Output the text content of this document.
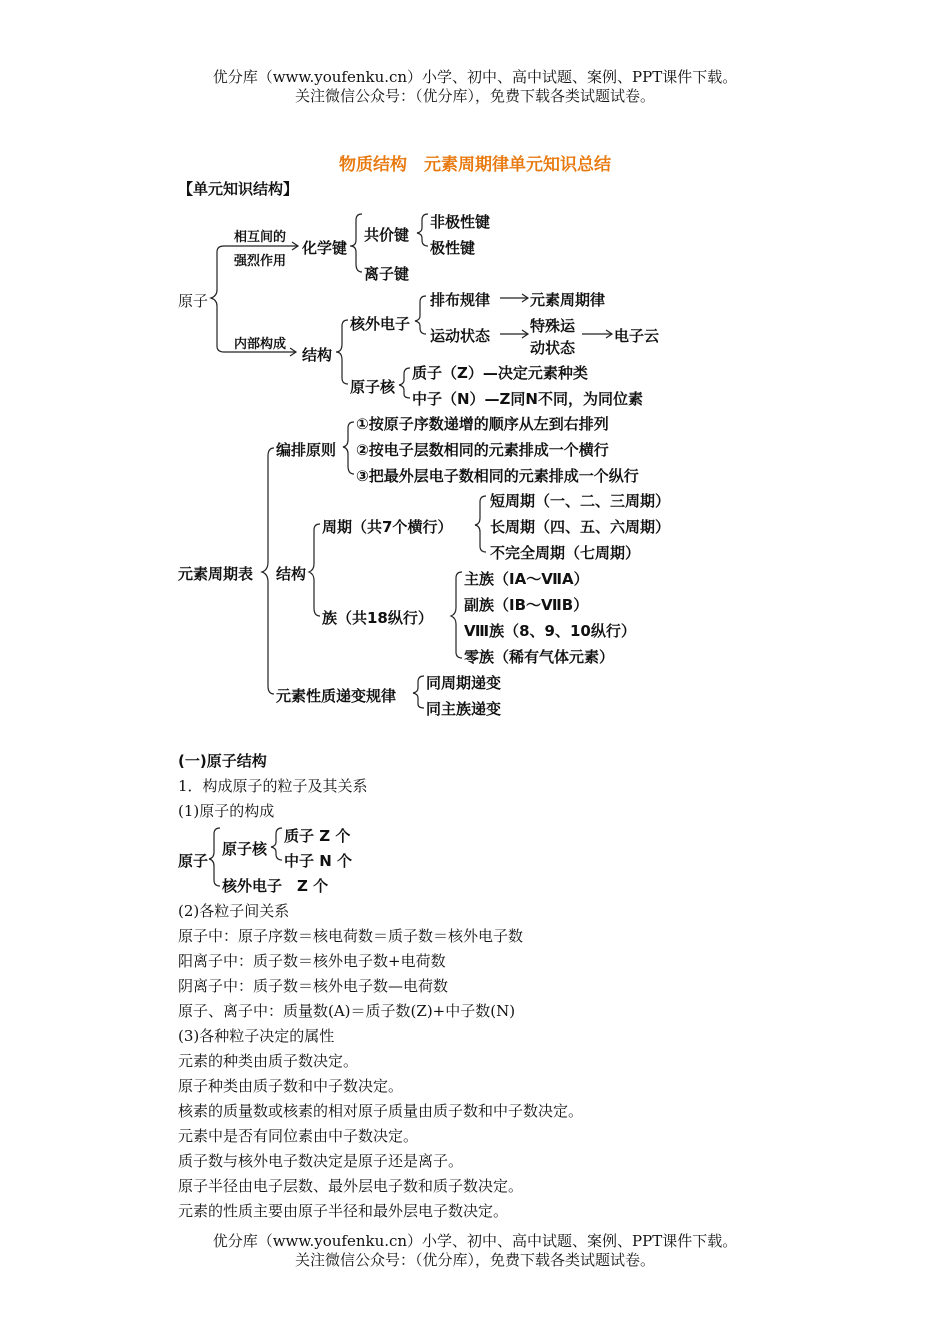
优分库（www.youfenku.cn）小学、初中、高中试题、案例、PPT课件下载。
关注微信公众号：（优分库），免费下载各类试题试卷。
物质结构　元素周期律单元知识总结
【单元知识结构】
原子
相互间的
强烈作用
化学键
共价键
非极性键
极性键
离子键
内部构成
结构
核外电子
排布规律	元素周期律
运动状态
特殊运
动状态
电子云
原子核
质子（Z）—决定元素种类
中子（N）—Z同N不同，为同位素
元素周期表
编排原则
①按原子序数递增的顺序从左到右排列
②按电子层数相同的元素排成一个横行
③把最外层电子数相同的元素排成一个纵行
结构
周期（共7个横行）
短周期（一、二、三周期）
长周期（四、五、六周期）
不完全周期（七周期）
族（共18纵行）
主族（ⅠA～ⅦA）
副族（ⅠB～ⅦB）
Ⅷ族（8、9、10纵行）
零族（稀有气体元素）
元素性质递变规律
同周期递变
同主族递变
(一)原子结构
1．构成原子的粒子及其关系
(1)原子的构成
原子
原子核
质子 Z 个
中子 N 个
核外电子　Z 个
(2)各粒子间关系
原子中：原子序数＝核电荷数＝质子数＝核外电子数
阳离子中：质子数＝核外电子数+电荷数
阴离子中：质子数＝核外电子数—电荷数
原子、离子中：质量数(A)＝质子数(Z)+中子数(N)
(3)各种粒子决定的属性
元素的种类由质子数决定。
原子种类由质子数和中子数决定。
核素的质量数或核素的相对原子质量由质子数和中子数决定。
元素中是否有同位素由中子数决定。
质子数与核外电子数决定是原子还是离子。
原子半径由电子层数、最外层电子数和质子数决定。
元素的性质主要由原子半径和最外层电子数决定。
优分库（www.youfenku.cn）小学、初中、高中试题、案例、PPT课件下载。
关注微信公众号：（优分库），免费下载各类试题试卷。
